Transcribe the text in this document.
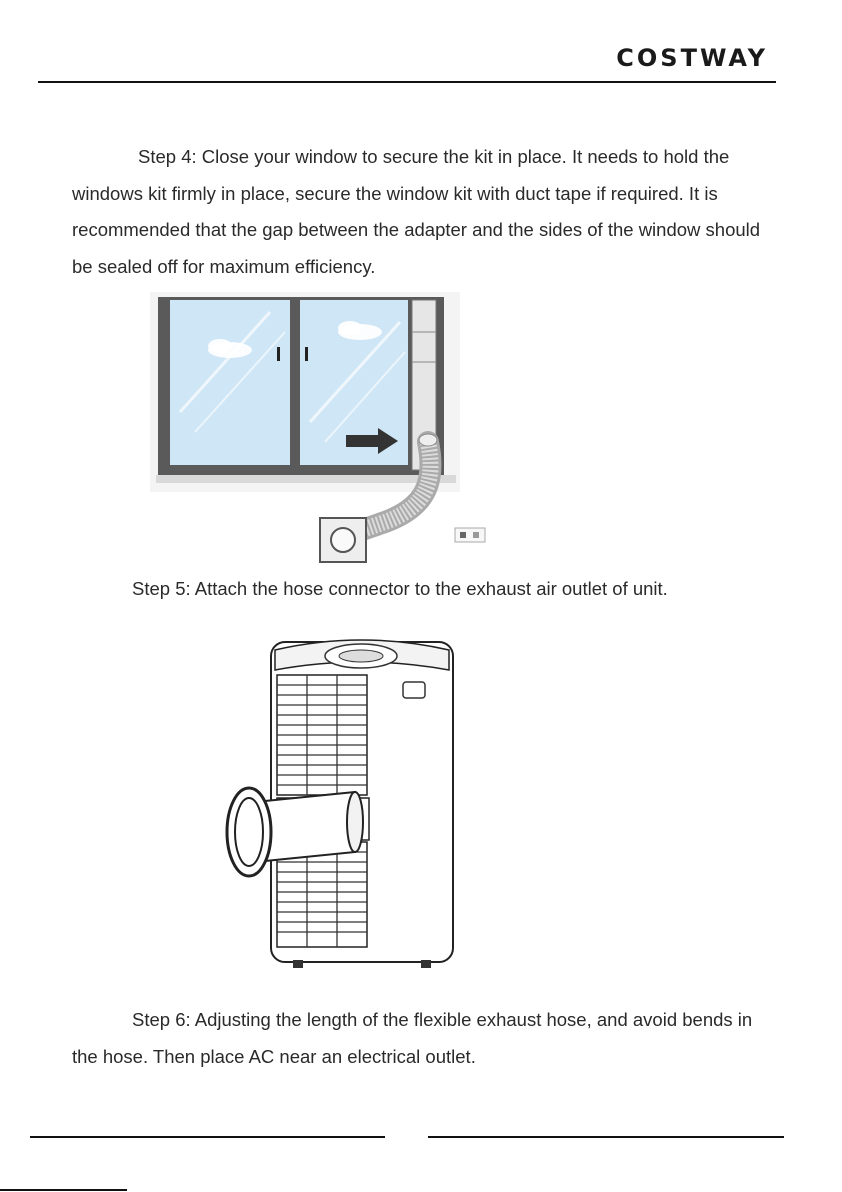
COSTWAY

Step 4: Close your window to secure the kit in place. It needs to hold the windows kit firmly in place, secure the window kit with duct tape if required. It is recommended that the gap between the adapter and the sides of the window should be sealed off for maximum efficiency.

Step 5: Attach the hose connector to the exhaust air outlet of unit.

Step 6: Adjusting the length of the flexible exhaust hose, and avoid bends in the hose. Then place AC near an electrical outlet.
